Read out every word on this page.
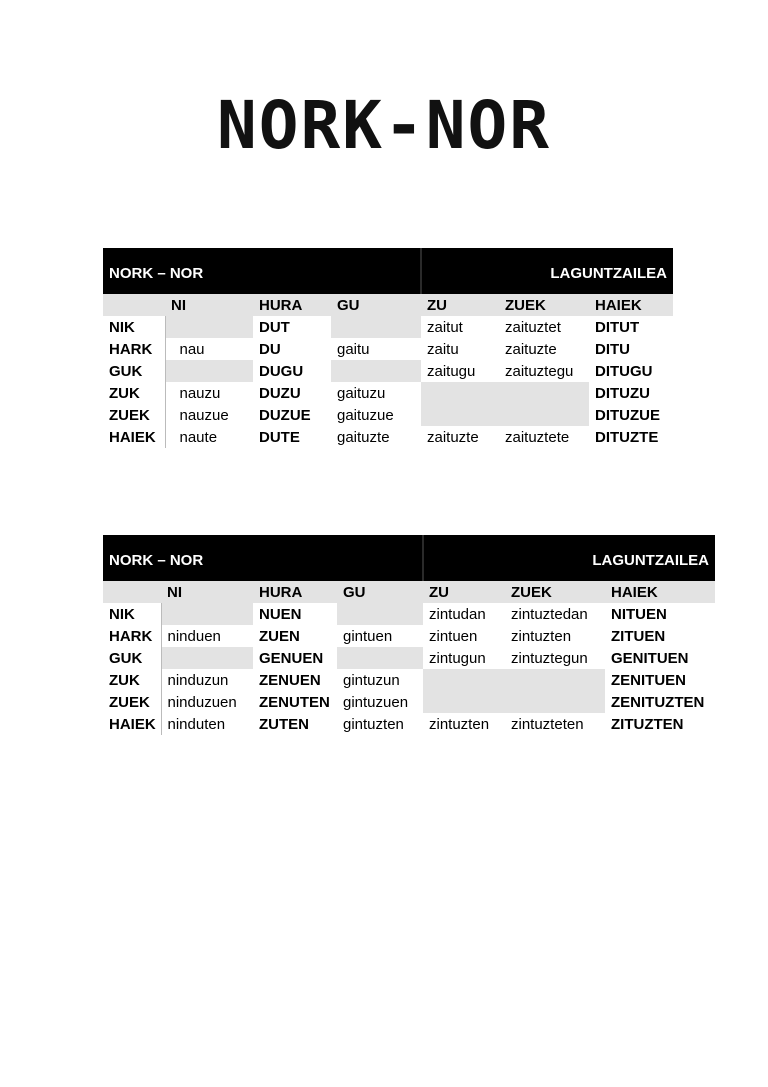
NORK-NOR
NORK – NOR				LAGUNTZAILEA		
	NI	HURA	GU	ZU	ZUEK	HAIEK
NIK		DUT		zaitut	zaituztet	DITUT
HARK	nau	DU	gaitu	zaitu	zaituzte	DITU
GUK		DUGU		zaitugu	zaituztegu	DITUGU
ZUK	nauzu	DUZU	gaituzu			DITUZU
ZUEK	nauzue	DUZUE	gaituzue			DITUZUE
HAIEK	naute	DUTE	gaituzte	zaituzte	zaituztete	DITUZTE
NORK – NOR				LAGUNTZAILEA		
	NI	HURA	GU	ZU	ZUEK	HAIEK
NIK		NUEN		zintudan	zintuztedan	NITUEN
HARK	ninduen	ZUEN	gintuen	zintuen	zintuzten	ZITUEN
GUK		GENUEN		zintugun	zintuztegun	GENITUEN
ZUK	ninduzun	ZENUEN	gintuzun			ZENITUEN
ZUEK	ninduzuen	ZENUTEN	gintuzuen			ZENITUZTEN
HAIEK	ninduten	ZUTEN	gintuzten	zintuzten	zintuzteten	ZITUZTEN
